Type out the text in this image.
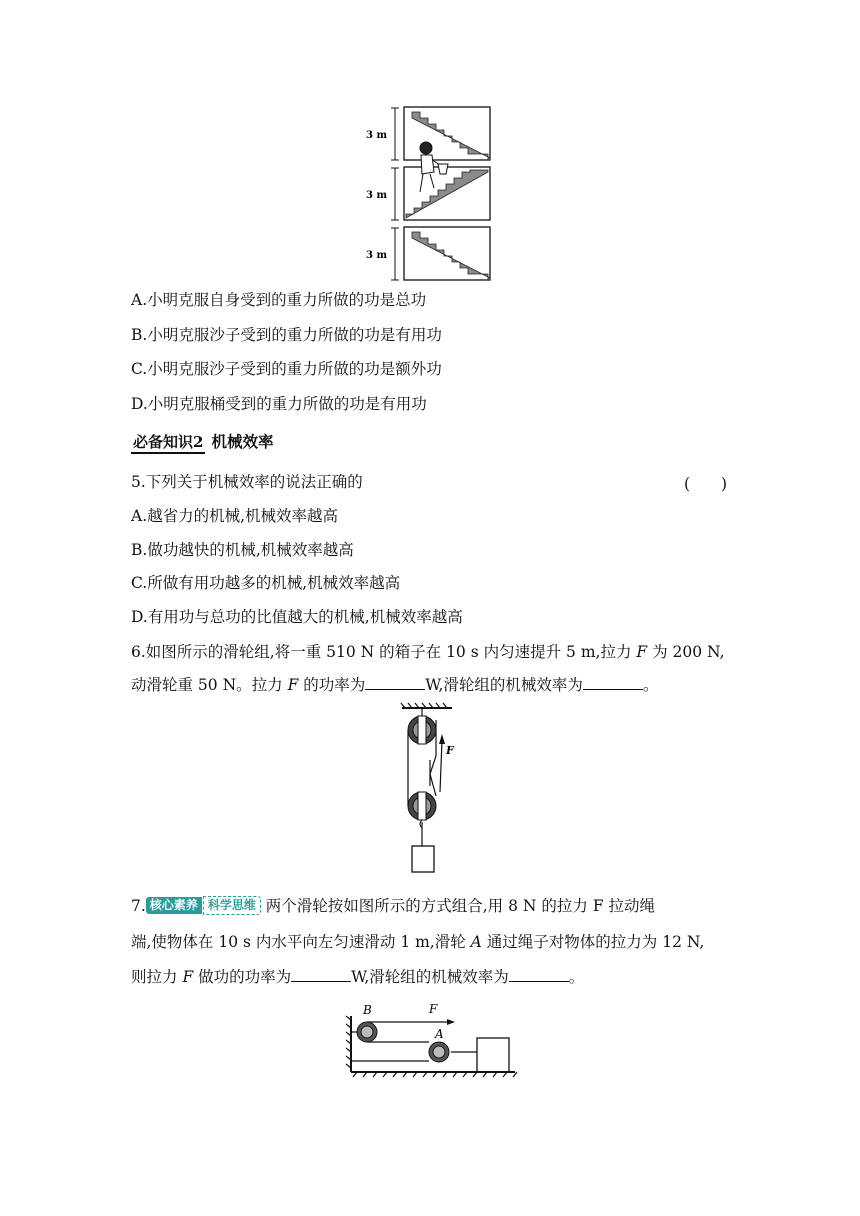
3 m
3 m
3 m
A.小明克服自身受到的重力所做的功是总功
B.小明克服沙子受到的重力所做的功是有用功
C.小明克服沙子受到的重力所做的功是额外功
D.小明克服桶受到的重力所做的功是有用功
必备知识2 机械效率
5.下列关于机械效率的说法正确的	(　　)
A.越省力的机械,机械效率越高
B.做功越快的机械,机械效率越高
C.所做有用功越多的机械,机械效率越高
D.有用功与总功的比值越大的机械,机械效率越高
6.如图所示的滑轮组,将一重 510 N 的箱子在 10 s 内匀速提升 5 m,拉力 F 为 200 N,
动滑轮重 50 N。拉力 F 的功率为	W,滑轮组的机械效率为	。
F
7. 核心素养 科学思维 两个滑轮按如图所示的方式组合,用 8 N 的拉力 F 拉动绳
端,使物体在 10 s 内水平向左匀速滑动 1 m,滑轮 A 通过绳子对物体的拉力为 12 N,
则拉力 F 做功的功率为	W,滑轮组的机械效率为	。
B
A
F
